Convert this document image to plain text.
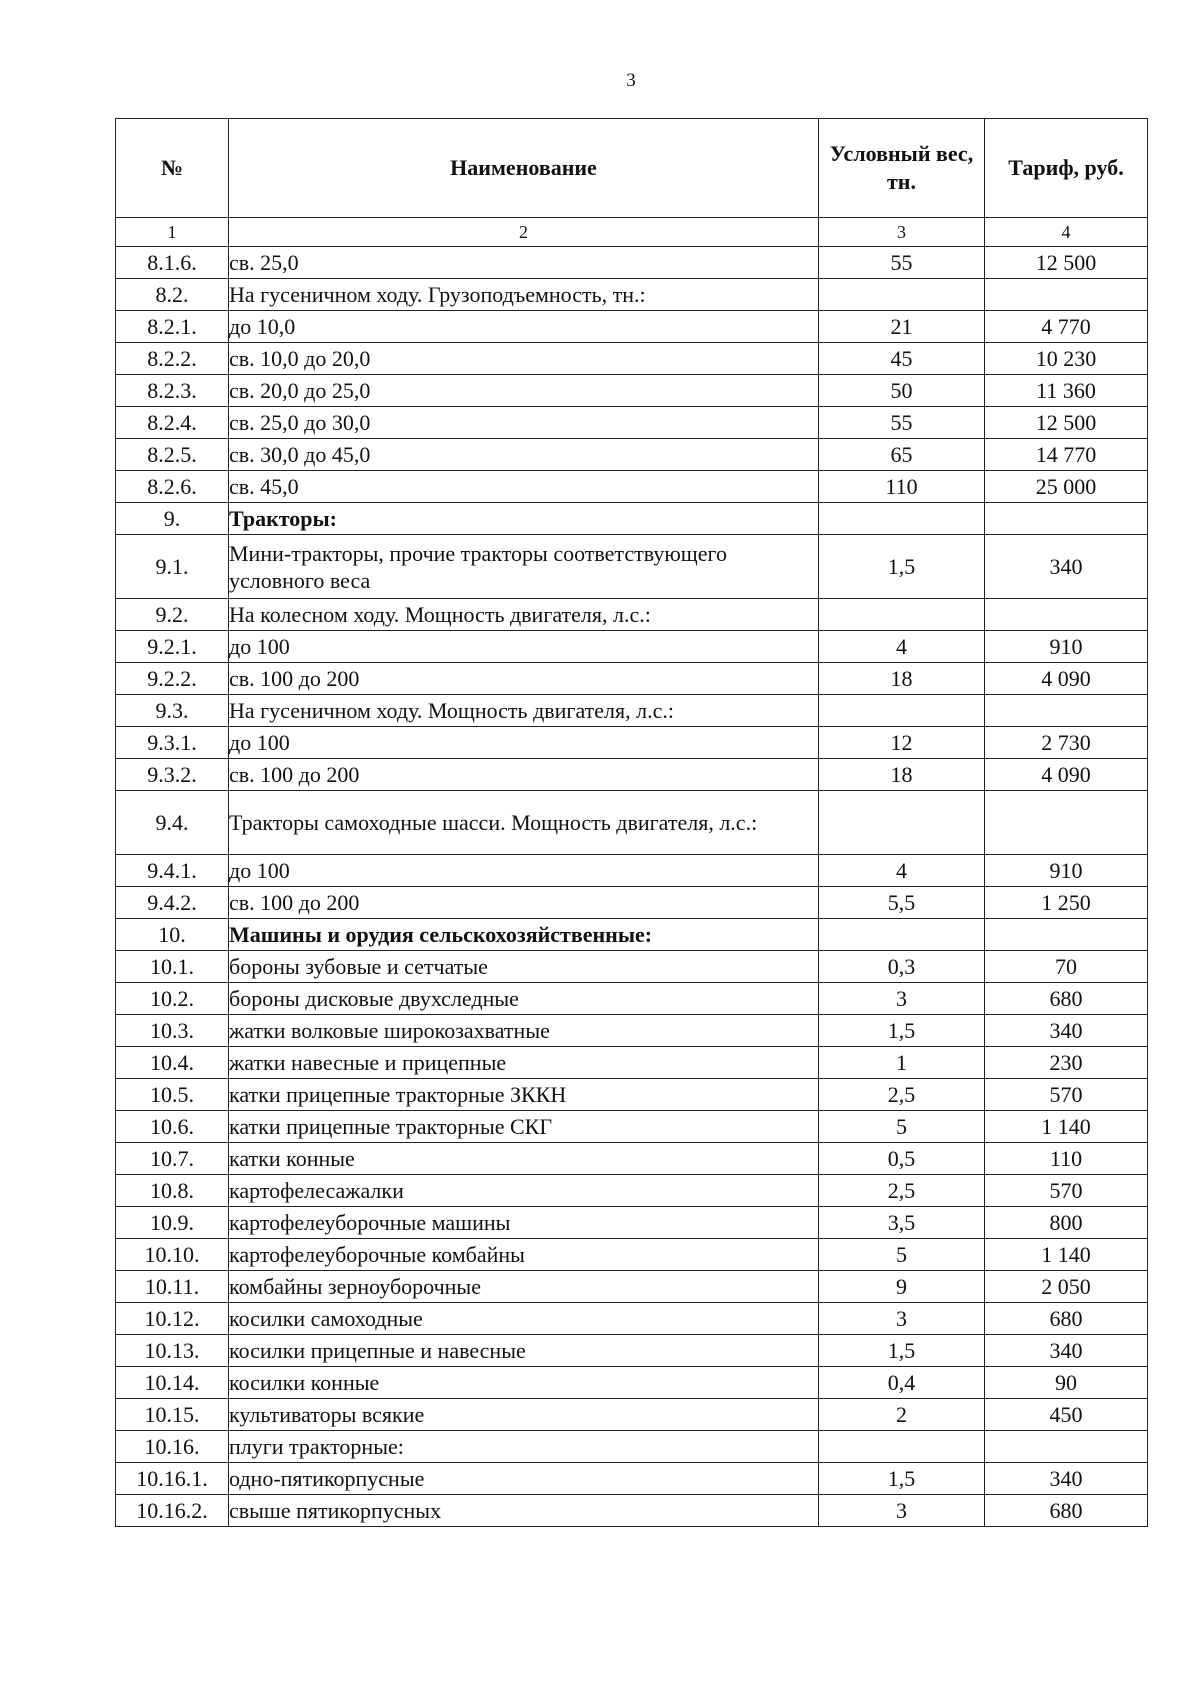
3
№	Наименование	Условный вес, тн.	Тариф, руб.
1	2	3	4
8.1.6.	св. 25,0	55	12 500
8.2.	На гусеничном ходу. Грузоподъемность, тн.:		
8.2.1.	до 10,0	21	4 770
8.2.2.	св. 10,0 до 20,0	45	10 230
8.2.3.	св. 20,0 до 25,0	50	11 360
8.2.4.	св. 25,0 до 30,0	55	12 500
8.2.5.	св. 30,0 до 45,0	65	14 770
8.2.6.	св. 45,0	110	25 000
9.	Тракторы:		
9.1.	Мини-тракторы, прочие тракторы соответствующего условного веса	1,5	340
9.2.	На колесном ходу. Мощность двигателя, л.с.:		
9.2.1.	до 100	4	910
9.2.2.	св. 100 до 200	18	4 090
9.3.	На гусеничном ходу. Мощность двигателя, л.с.:		
9.3.1.	до 100	12	2 730
9.3.2.	св. 100 до 200	18	4 090
9.4.	Тракторы самоходные шасси. Мощность двигателя, л.с.:		
9.4.1.	до 100	4	910
9.4.2.	св. 100 до 200	5,5	1 250
10.	Машины и орудия сельскохозяйственные:		
10.1.	бороны зубовые и сетчатые	0,3	70
10.2.	бороны дисковые двухследные	3	680
10.3.	жатки волковые широкозахватные	1,5	340
10.4.	жатки навесные и прицепные	1	230
10.5.	катки прицепные тракторные ЗККН	2,5	570
10.6.	катки прицепные тракторные СКГ	5	1 140
10.7.	катки конные	0,5	110
10.8.	картофелесажалки	2,5	570
10.9.	картофелеуборочные машины	3,5	800
10.10.	картофелеуборочные комбайны	5	1 140
10.11.	комбайны зерноуборочные	9	2 050
10.12.	косилки самоходные	3	680
10.13.	косилки прицепные и навесные	1,5	340
10.14.	косилки конные	0,4	90
10.15.	культиваторы всякие	2	450
10.16.	плуги тракторные:		
10.16.1.	одно-пятикорпусные	1,5	340
10.16.2.	свыше пятикорпусных	3	680
